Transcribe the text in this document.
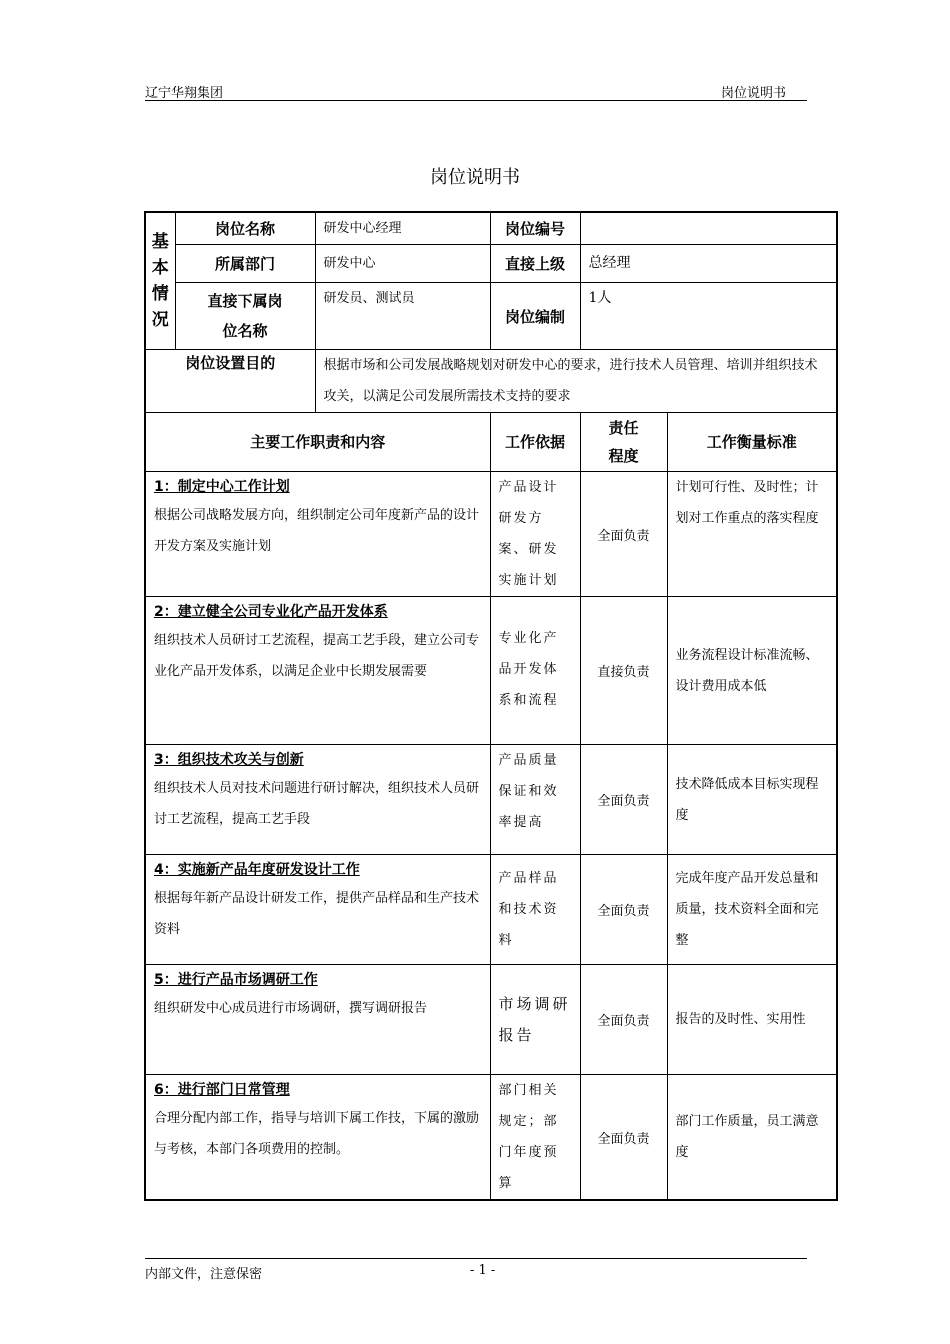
辽宁华翔集团	岗位说明书
岗位说明书
基本情况	岗位名称	研发中心经理	岗位编号		
	所属部门	研发中心	直接上级	总经理	

	直接下属岗位名称	研发员、测试员	岗位编制	1人	
岗位设置目的		根据市场和公司发展战略规划对研发中心的要求，进行技术人员管理、培训并组织技术攻关，以满足公司发展所需技术支持的要求			
主要工作职责和内容			工作依据	责任程度	工作衡量标准

1：制定中心工作计划
根据公司战略发展方向，组织制定公司年度新产品的设计开发方案及实施计划			产品设计研发方案、研发实施计划	全面负责	计划可行性、及时性；计划对工作重点的落实程度

2：建立健全公司专业化产品开发体系
组织技术人员研讨工艺流程，提高工艺手段，建立公司专业化产品开发体系，以满足企业中长期发展需要			专业化产品开发体系和流程	直接负责	业务流程设计标准流畅、设计费用成本低

3：组织技术攻关与创新
组织技术人员对技术问题进行研讨解决，组织技术人员研讨工艺流程，提高工艺手段			产品质量保证和效率提高	全面负责	技术降低成本目标实现程度

4：实施新产品年度研发设计工作
根据每年新产品设计研发工作，提供产品样品和生产技术资料			产品样品和技术资料	全面负责	完成年度产品开发总量和质量，技术资料全面和完整

5：进行产品市场调研工作
组织研发中心成员进行市场调研，撰写调研报告			市场调研报告	全面负责	报告的及时性、实用性

6：进行部门日常管理
合理分配内部工作，指导与培训下属工作技，下属的激励与考核，本部门各项费用的控制。			部门相关规定；部门年度预算	全面负责	部门工作质量，员工满意度
内部文件，注意保密	- 1 -
